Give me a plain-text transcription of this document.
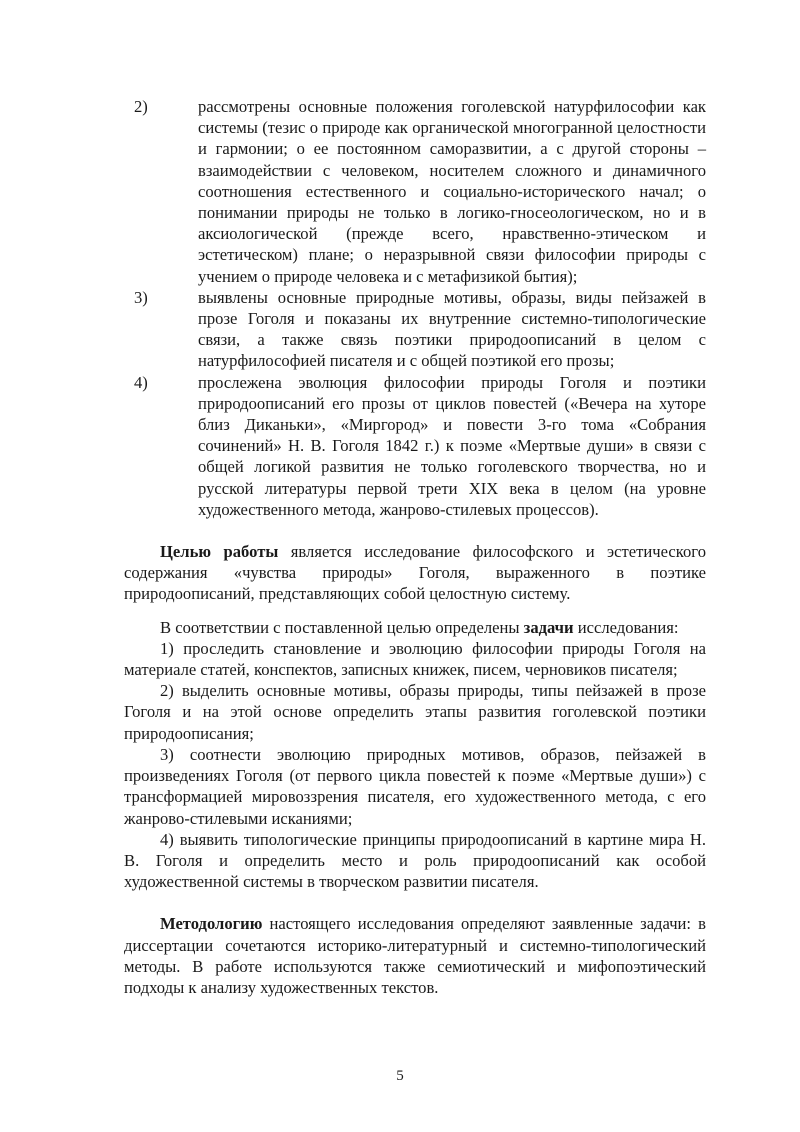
2)	рассмотрены основные положения гоголевской натурфилософии как системы (тезис о природе как органической многогранной целостности и гармонии; о ее постоянном саморазвитии, а с другой стороны – взаимодействии с человеком, носителем сложного и динамичного соотношения естественного и социально-исторического начал; о понимании природы не только в логико-гносеологическом, но и в аксиологической (прежде всего, нравственно-этическом и эстетическом) плане; о неразрывной связи философии природы с учением о природе человека и с метафизикой бытия);
3)	выявлены основные природные мотивы, образы, виды пейзажей в прозе Гоголя и показаны их внутренние системно-типологические связи, а также связь поэтики природоописаний в целом с натурфилософией писателя и с общей поэтикой его прозы;
4)	прослежена эволюция философии природы Гоголя и поэтики природоописаний его прозы от циклов повестей («Вечера на хуторе близ Диканьки», «Миргород» и повести 3-го тома «Собрания сочинений» Н. В. Гоголя 1842 г.) к поэме «Мертвые души» в связи с общей логикой развития не только гоголевского творчества, но и русской литературы первой трети XIX века в целом (на уровне художественного метода, жанрово-стилевых процессов).

Целью работы является исследование философского и эстетического содержания «чувства природы» Гоголя, выраженного в поэтике природоописаний, представляющих собой целостную систему.

В соответствии с поставленной целью определены задачи исследования:

1) проследить становление и эволюцию философии природы Гоголя на материале статей, конспектов, записных книжек, писем, черновиков писателя;

2) выделить основные мотивы, образы природы, типы пейзажей в прозе Гоголя и на этой основе определить этапы развития гоголевской поэтики природоописания;

3) соотнести эволюцию природных мотивов, образов, пейзажей в произведениях Гоголя (от первого цикла повестей к поэме «Мертвые души») с трансформацией мировоззрения писателя, его художественного метода, с его жанрово-стилевыми исканиями;

4) выявить типологические принципы природоописаний в картине мира Н. В. Гоголя и определить место и роль природоописаний как особой художественной системы в творческом развитии писателя.

Методологию настоящего исследования определяют заявленные задачи: в диссертации сочетаются историко-литературный и системно-типологический методы. В работе используются также семиотический и мифопоэтический подходы к анализу художественных текстов.

5
